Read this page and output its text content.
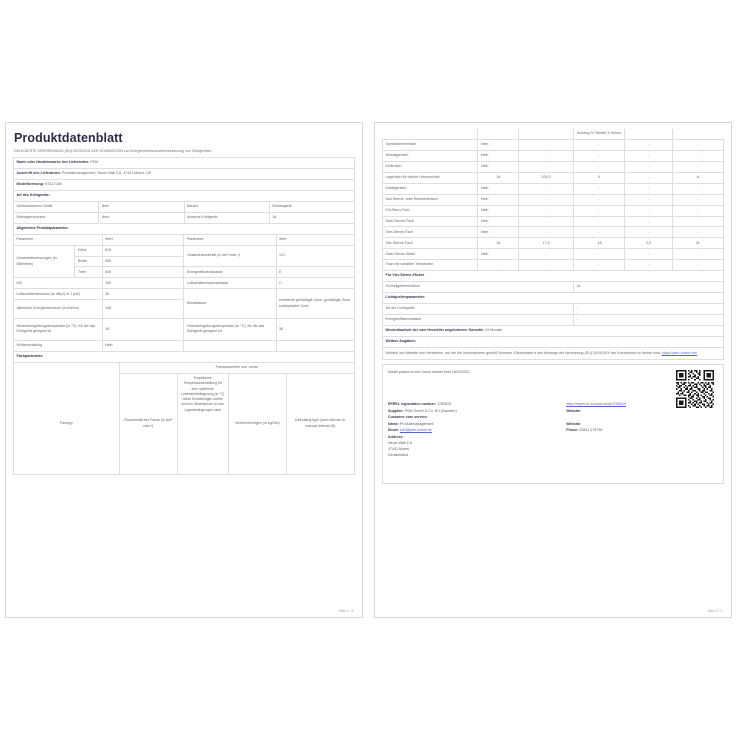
Produktdatenblatt
DELEGIERTE VERORDNUNG (EU) 2019/2016 DER KOMMISSION zur Energieverbrauchskennzeichnung von Kühlgeräten
Name oder Handelsmarke des Lieferanten: PKM			
Anschrift des Lieferanten: Produktmanagement, Neuer Wall 2-6, 47441 Moers, DE			
Modellkennung: KS117L6E			
Art des Kühlgeräts:			
Geräuscharmes Gerät:	Nein	Bauart:	Einbaugerät
Weinlagerschrank:	Nein	Anderes Kühlgerät:	Ja
Allgemeine Produktparameter:			
Parameter		Wert	Parameter	Wert
Gesamtabmessungen (in Millimeter)	Höhe	819	Gesamtrauminhalt (in dm³ oder l)	121
	Breite	595		
	Tiefe	545	Energieeffizienzklasse	E
EEI		100	Luftschallemissionsklasse	C
Luftschallemissionen (in dB(A) re 1 pW)		38	Klimaklasse:	erweiterte gemäßigte Zone, gemäßigte Zone, subtropische Zone
Jährlicher Energieverbrauch (in kWh/a)		148		
Mindestumgebungstemperatur (in °C), für die das Kühlgerät geeignet ist		10	Höchstumgebungstemperatur (in °C), für die das Kühlgerät geeignet ist	38
Winterschaltung		Nein		
Fachparameter:				
	Fachparameter und -werte			
	Rauminhalt des Fachs (in dm³ oder l)	Empfohlene Temperatureinstellung für eine optimierte Lebensmittellagerung (in °C) Diese Einstellungen dürfen nicht im Widerspruch zu den Lagerbedingungen nach	Gefriervermögen (in kg/24h)	Defrosting type (auto defrost=A, manual defrost=M)
Fachtyp				
Seite 1 / 3
			Anhang IV Tabelle 3 ziehen		
Speisekammerfach	Nein	-	-	-	-
Weinlagerfach	Nein	-	-	-	-
Kellerfach	Nein	-	-	-	-
Lagerfach für frische Lebensmittel	Ja	104,0	4	-	A
Kaltlagerfach	Nein	-	-	-	-
Null-Sterne- oder Eisbereiterfach	Nein	-	-	-	-
Ein-Stern-Fach	Nein	-	-	-	-
Zwei-Sterne-Fach	Nein	-	-	-	-
Drei-Sterne-Fach	Nein	-	-	-	-
Vier-Sterne-Fach	Ja	17,0	-18	2,0	M
Zwei-Sterne-Abteil	Nein	-	-	-	-
Fach mit variabler Temperatur	-	-	-	-	-
Für Vier-Sterne-Fächer					
Schnellgefrierfunktion			Ja		
Lichtquellenparameter:					
Art der Lichtquelle			-		
Energieeffizienzklasse			-		
Mindestlaufzeit der vom Hersteller angebotenen Garantie: 24 Monate					
Weitere Angaben:					
Weblink zur Website des Herstellers, auf der die Informationen gemäß Nummer 4 Buchstabe a des Anhangs der Verordnung (EU) 2019/2019 der Kommission zu finden sind: https://pkm-online.net/					
Model placed on the Union market from 16/10/2021.
EPREL registration number: 1750819	https://eprel.ec.europa.eu/qr/1750819
Supplier: PKM GmbH & Co. KG (Importer)	Website:
Customer care service:
Name: Produktmanagement	Website:
Email: info@pkm-online.de	Phone: 02841 176738
Address:
Neuer Wall 2-6
47441 Moers
Deutschland
Seite 2 / 3
